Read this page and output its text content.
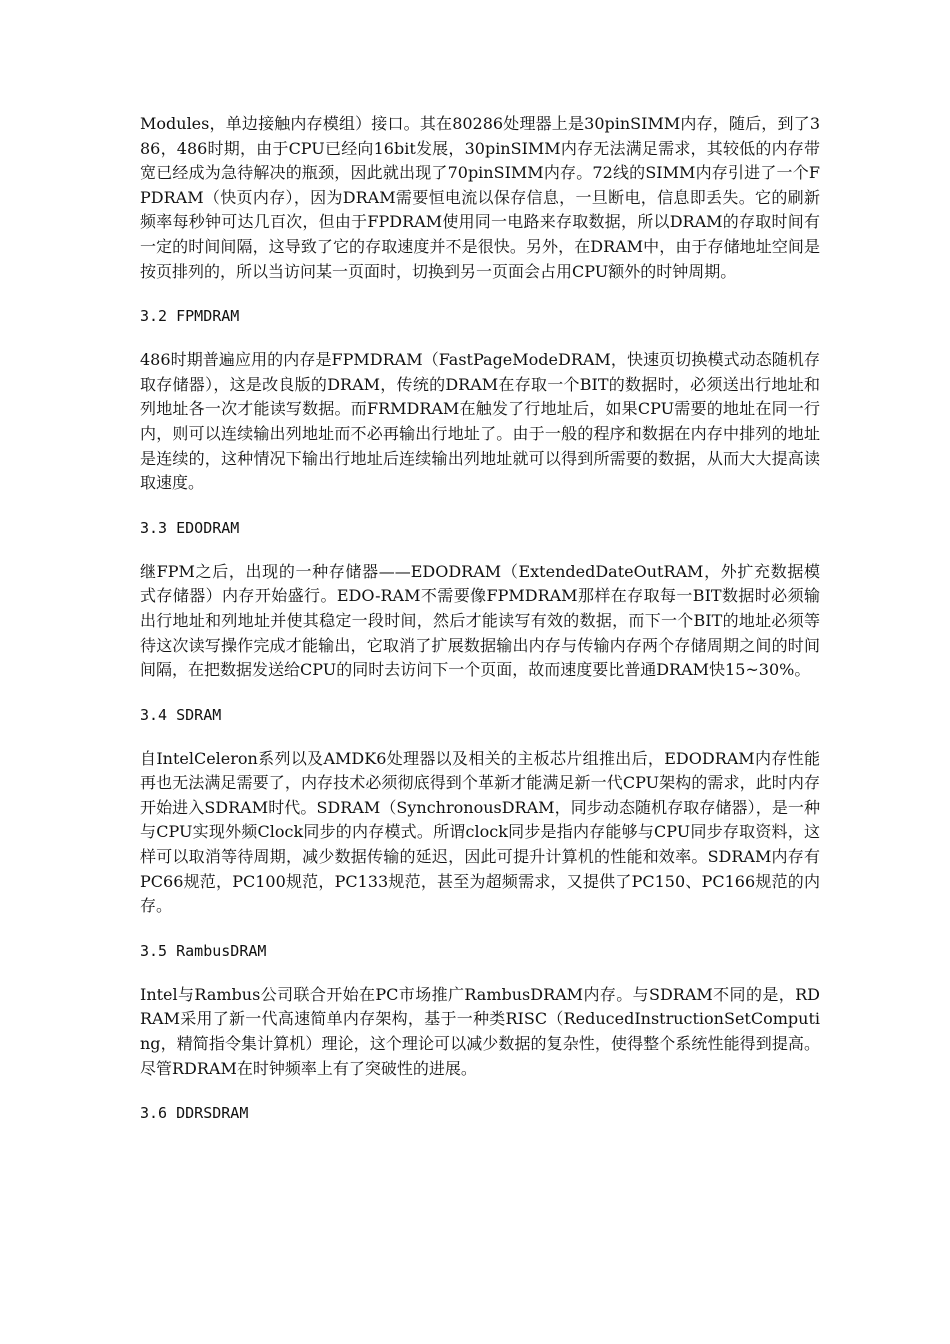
Modules，单边接触内存模组）接口。其在80286处理器上是30pinSIMM内存，随后，到了386，486时期，由于CPU已经向16bit发展，30pinSIMM内存无法满足需求，其较低的内存带宽已经成为急待解决的瓶颈，因此就出现了70pinSIMM内存。72线的SIMM内存引进了一个FPDRAM（快页内存），因为DRAM需要恒电流以保存信息，一旦断电，信息即丢失。它的刷新频率每秒钟可达几百次，但由于FPDRAM使用同一电路来存取数据，所以DRAM的存取时间有一定的时间间隔，这导致了它的存取速度并不是很快。另外，在DRAM中，由于存储地址空间是按页排列的，所以当访问某一页面时，切换到另一页面会占用CPU额外的时钟周期。

3.2 FPMDRAM

486时期普遍应用的内存是FPMDRAM（FastPageModeDRAM，快速页切换模式动态随机存取存储器），这是改良版的DRAM，传统的DRAM在存取一个BIT的数据时，必须送出行地址和列地址各一次才能读写数据。而FRMDRAM在触发了行地址后，如果CPU需要的地址在同一行内，则可以连续输出列地址而不必再输出行地址了。由于一般的程序和数据在内存中排列的地址是连续的，这种情况下输出行地址后连续输出列地址就可以得到所需要的数据，从而大大提高读取速度。

3.3 EDODRAM

继FPM之后，出现的一种存储器——EDODRAM（ExtendedDateOutRAM，外扩充数据模式存储器）内存开始盛行。EDO-RAM不需要像FPMDRAM那样在存取每一BIT数据时必须输出行地址和列地址并使其稳定一段时间，然后才能读写有效的数据，而下一个BIT的地址必须等待这次读写操作完成才能输出，它取消了扩展数据输出内存与传输内存两个存储周期之间的时间间隔，在把数据发送给CPU的同时去访问下一个页面，故而速度要比普通DRAM快15~30%。

3.4 SDRAM

自IntelCeleron系列以及AMDK6处理器以及相关的主板芯片组推出后，EDODRAM内存性能再也无法满足需要了，内存技术必须彻底得到个革新才能满足新一代CPU架构的需求，此时内存开始进入SDRAM时代。SDRAM（SynchronousDRAM，同步动态随机存取存储器），是一种与CPU实现外频Clock同步的内存模式。所谓clock同步是指内存能够与CPU同步存取资料，这样可以取消等待周期，减少数据传输的延迟，因此可提升计算机的性能和效率。SDRAM内存有PC66规范，PC100规范，PC133规范，甚至为超频需求，又提供了PC150、PC166规范的内存。

3.5 RambusDRAM

Intel与Rambus公司联合开始在PC市场推广RambusDRAM内存。与SDRAM不同的是，RDRAM采用了新一代高速简单内存架构，基于一种类RISC（ReducedInstructionSetComputing，精简指令集计算机）理论，这个理论可以减少数据的复杂性，使得整个系统性能得到提高。尽管RDRAM在时钟频率上有了突破性的进展。

3.6 DDRSDRAM
